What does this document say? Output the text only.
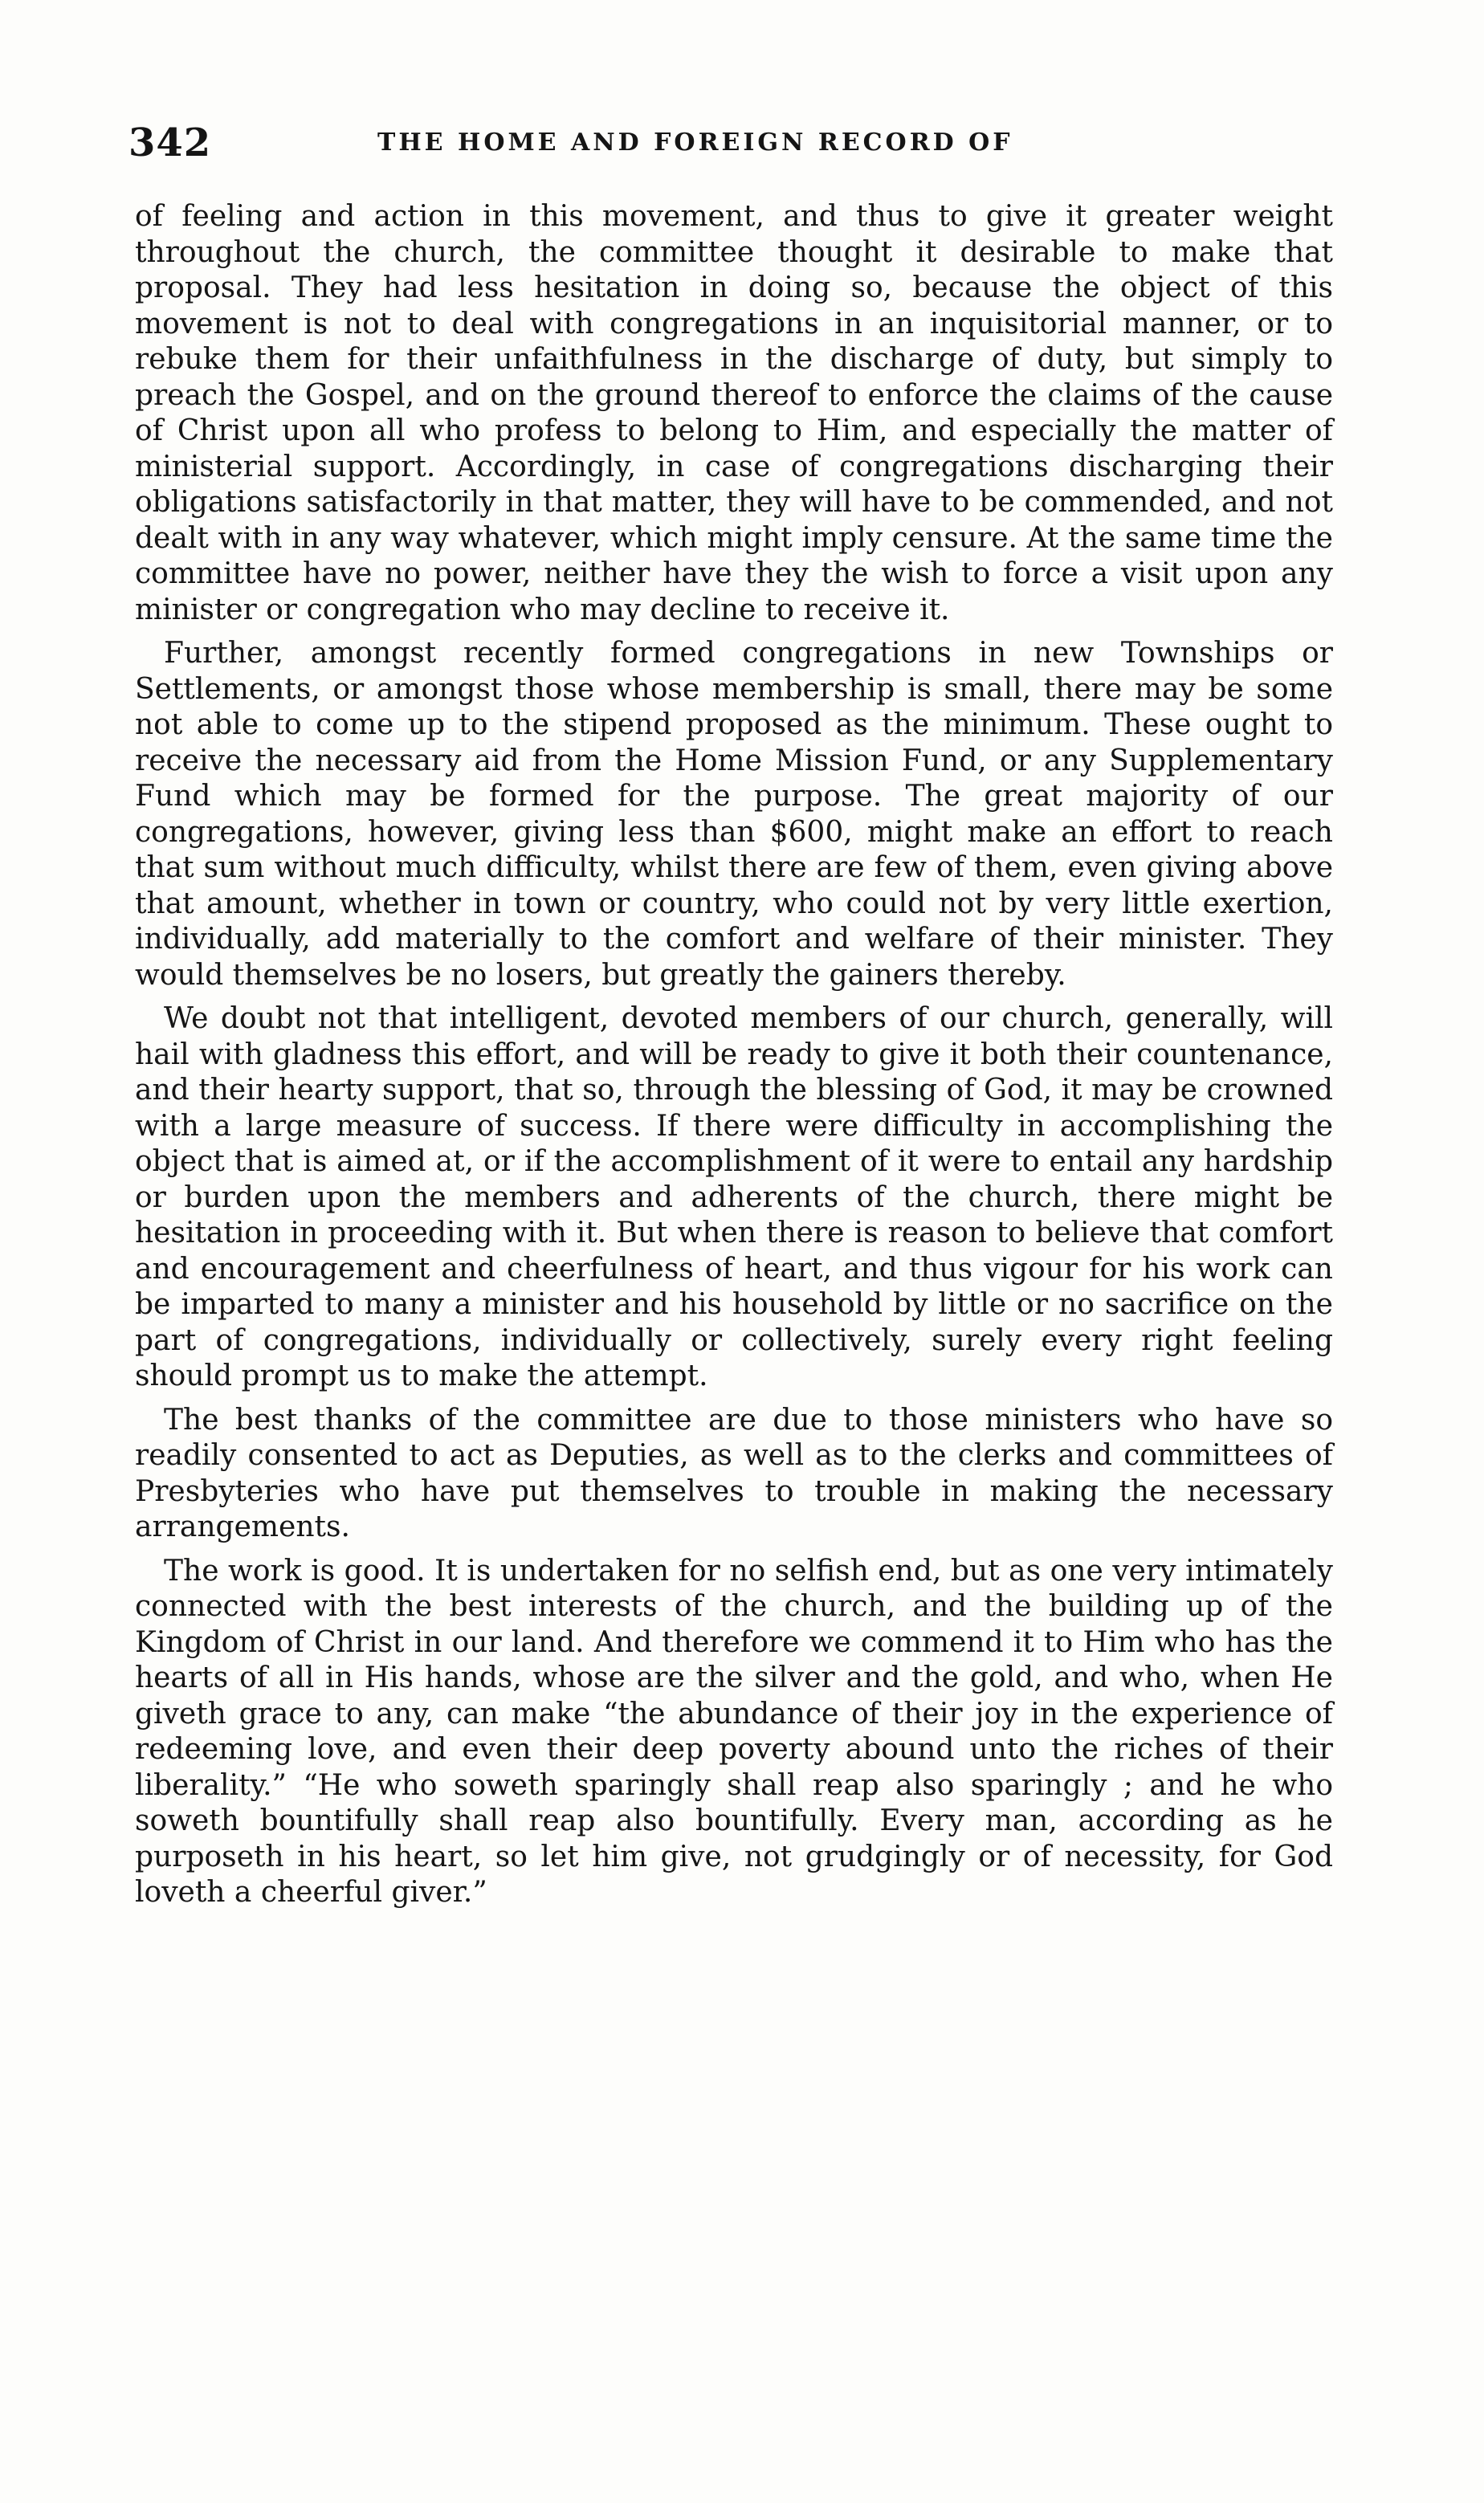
342	THE HOME AND FOREIGN RECORD OF

of feeling and action in this movement, and thus to give it greater weight throughout the church, the committee thought it desirable to make that proposal. They had less hesitation in doing so, because the object of this movement is not to deal with congregations in an inquisitorial manner, or to rebuke them for their unfaithfulness in the discharge of duty, but simply to preach the Gospel, and on the ground thereof to enforce the claims of the cause of Christ upon all who profess to belong to Him, and especially the matter of ministerial support. Accordingly, in case of congregations discharging their obligations satisfactorily in that matter, they will have to be commended, and not dealt with in any way whatever, which might imply censure. At the same time the committee have no power, neither have they the wish to force a visit upon any minister or congregation who may decline to receive it.

Further, amongst recently formed congregations in new Townships or Settlements, or amongst those whose membership is small, there may be some not able to come up to the stipend proposed as the minimum. These ought to receive the necessary aid from the Home Mission Fund, or any Supplementary Fund which may be formed for the purpose. The great majority of our congregations, however, giving less than $600, might make an effort to reach that sum without much difficulty, whilst there are few of them, even giving above that amount, whether in town or country, who could not by very little exertion, individually, add materially to the comfort and welfare of their minister. They would themselves be no losers, but greatly the gainers thereby.

We doubt not that intelligent, devoted members of our church, generally, will hail with gladness this effort, and will be ready to give it both their countenance, and their hearty support, that so, through the blessing of God, it may be crowned with a large measure of success. If there were difficulty in accomplishing the object that is aimed at, or if the accomplishment of it were to entail any hardship or burden upon the members and adherents of the church, there might be hesitation in proceeding with it. But when there is reason to believe that comfort and encouragement and cheerfulness of heart, and thus vigour for his work can be imparted to many a minister and his household by little or no sacrifice on the part of congregations, individually or collectively, surely every right feeling should prompt us to make the attempt.

The best thanks of the committee are due to those ministers who have so readily consented to act as Deputies, as well as to the clerks and committees of Presbyteries who have put themselves to trouble in making the necessary arrangements.

The work is good. It is undertaken for no selfish end, but as one very intimately connected with the best interests of the church, and the building up of the Kingdom of Christ in our land. And therefore we commend it to Him who has the hearts of all in His hands, whose are the silver and the gold, and who, when He giveth grace to any, can make “the abundance of their joy in the experience of redeeming love, and even their deep poverty abound unto the riches of their liberality.” “He who soweth sparingly shall reap also sparingly ; and he who soweth bountifully shall reap also bountifully. Every man, according as he purposeth in his heart, so let him give, not grudgingly or of necessity, for God loveth a cheerful giver.”
